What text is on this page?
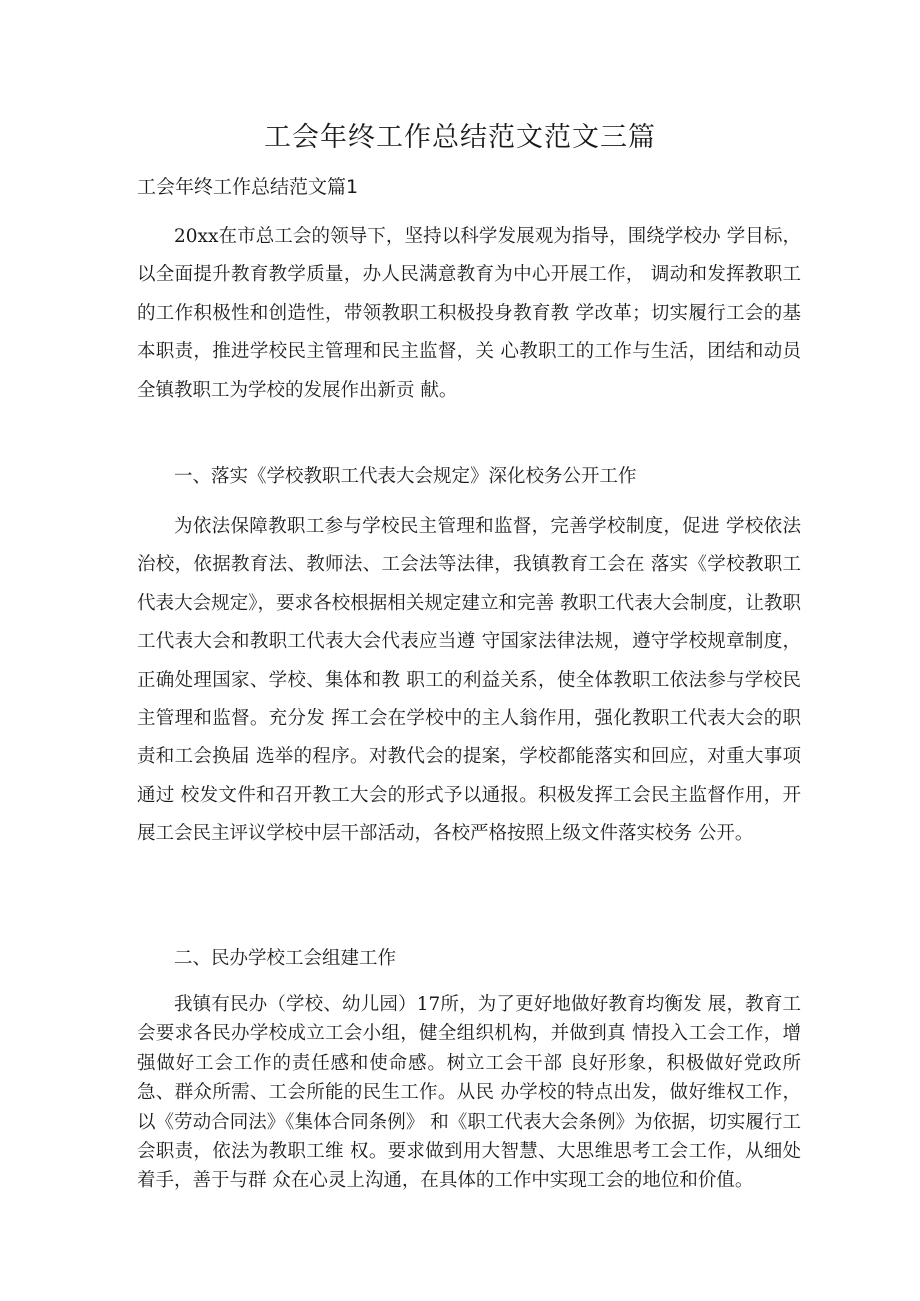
工会年终工作总结范文范文三篇
工会年终工作总结范文篇1

20xx在市总工会的领导下，坚持以科学发展观为指导，围绕学校办 学目标，以全面提升教育教学质量，办人民满意教育为中心开展工作， 调动和发挥教职工的工作积极性和创造性，带领教职工积极投身教育教 学改革；切实履行工会的基本职责，推进学校民主管理和民主监督，关 心教职工的工作与生活，团结和动员全镇教职工为学校的发展作出新贡 献。

一、落实《学校教职工代表大会规定》深化校务公开工作

为依法保障教职工参与学校民主管理和监督，完善学校制度，促进 学校依法治校，依据教育法、教师法、工会法等法律，我镇教育工会在 落实《学校教职工代表大会规定》，要求各校根据相关规定建立和完善 教职工代表大会制度，让教职工代表大会和教职工代表大会代表应当遵 守国家法律法规，遵守学校规章制度，正确处理国家、学校、集体和教 职工的利益关系，使全体教职工依法参与学校民主管理和监督。充分发 挥工会在学校中的主人翁作用，强化教职工代表大会的职责和工会换届 选举的程序。对教代会的提案，学校都能落实和回应，对重大事项通过 校发文件和召开教工大会的形式予以通报。积极发挥工会民主监督作用，开展工会民主评议学校中层干部活动，各校严格按照上级文件落实校务 公开。

二、民办学校工会组建工作

我镇有民办（学校、幼儿园）17所，为了更好地做好教育均衡发 展，教育工会要求各民办学校成立工会小组，健全组织机构，并做到真 情投入工会工作，增强做好工会工作的责任感和使命感。树立工会干部 良好形象，积极做好党政所急、群众所需、工会所能的民生工作。从民 办学校的特点出发，做好维权工作，以《劳动合同法》《集体合同条例》 和《职工代表大会条例》为依据，切实履行工会职责，依法为教职工维 权。要求做到用大智慧、大思维思考工会工作，从细处着手，善于与群 众在心灵上沟通，在具体的工作中实现工会的地位和价值。
